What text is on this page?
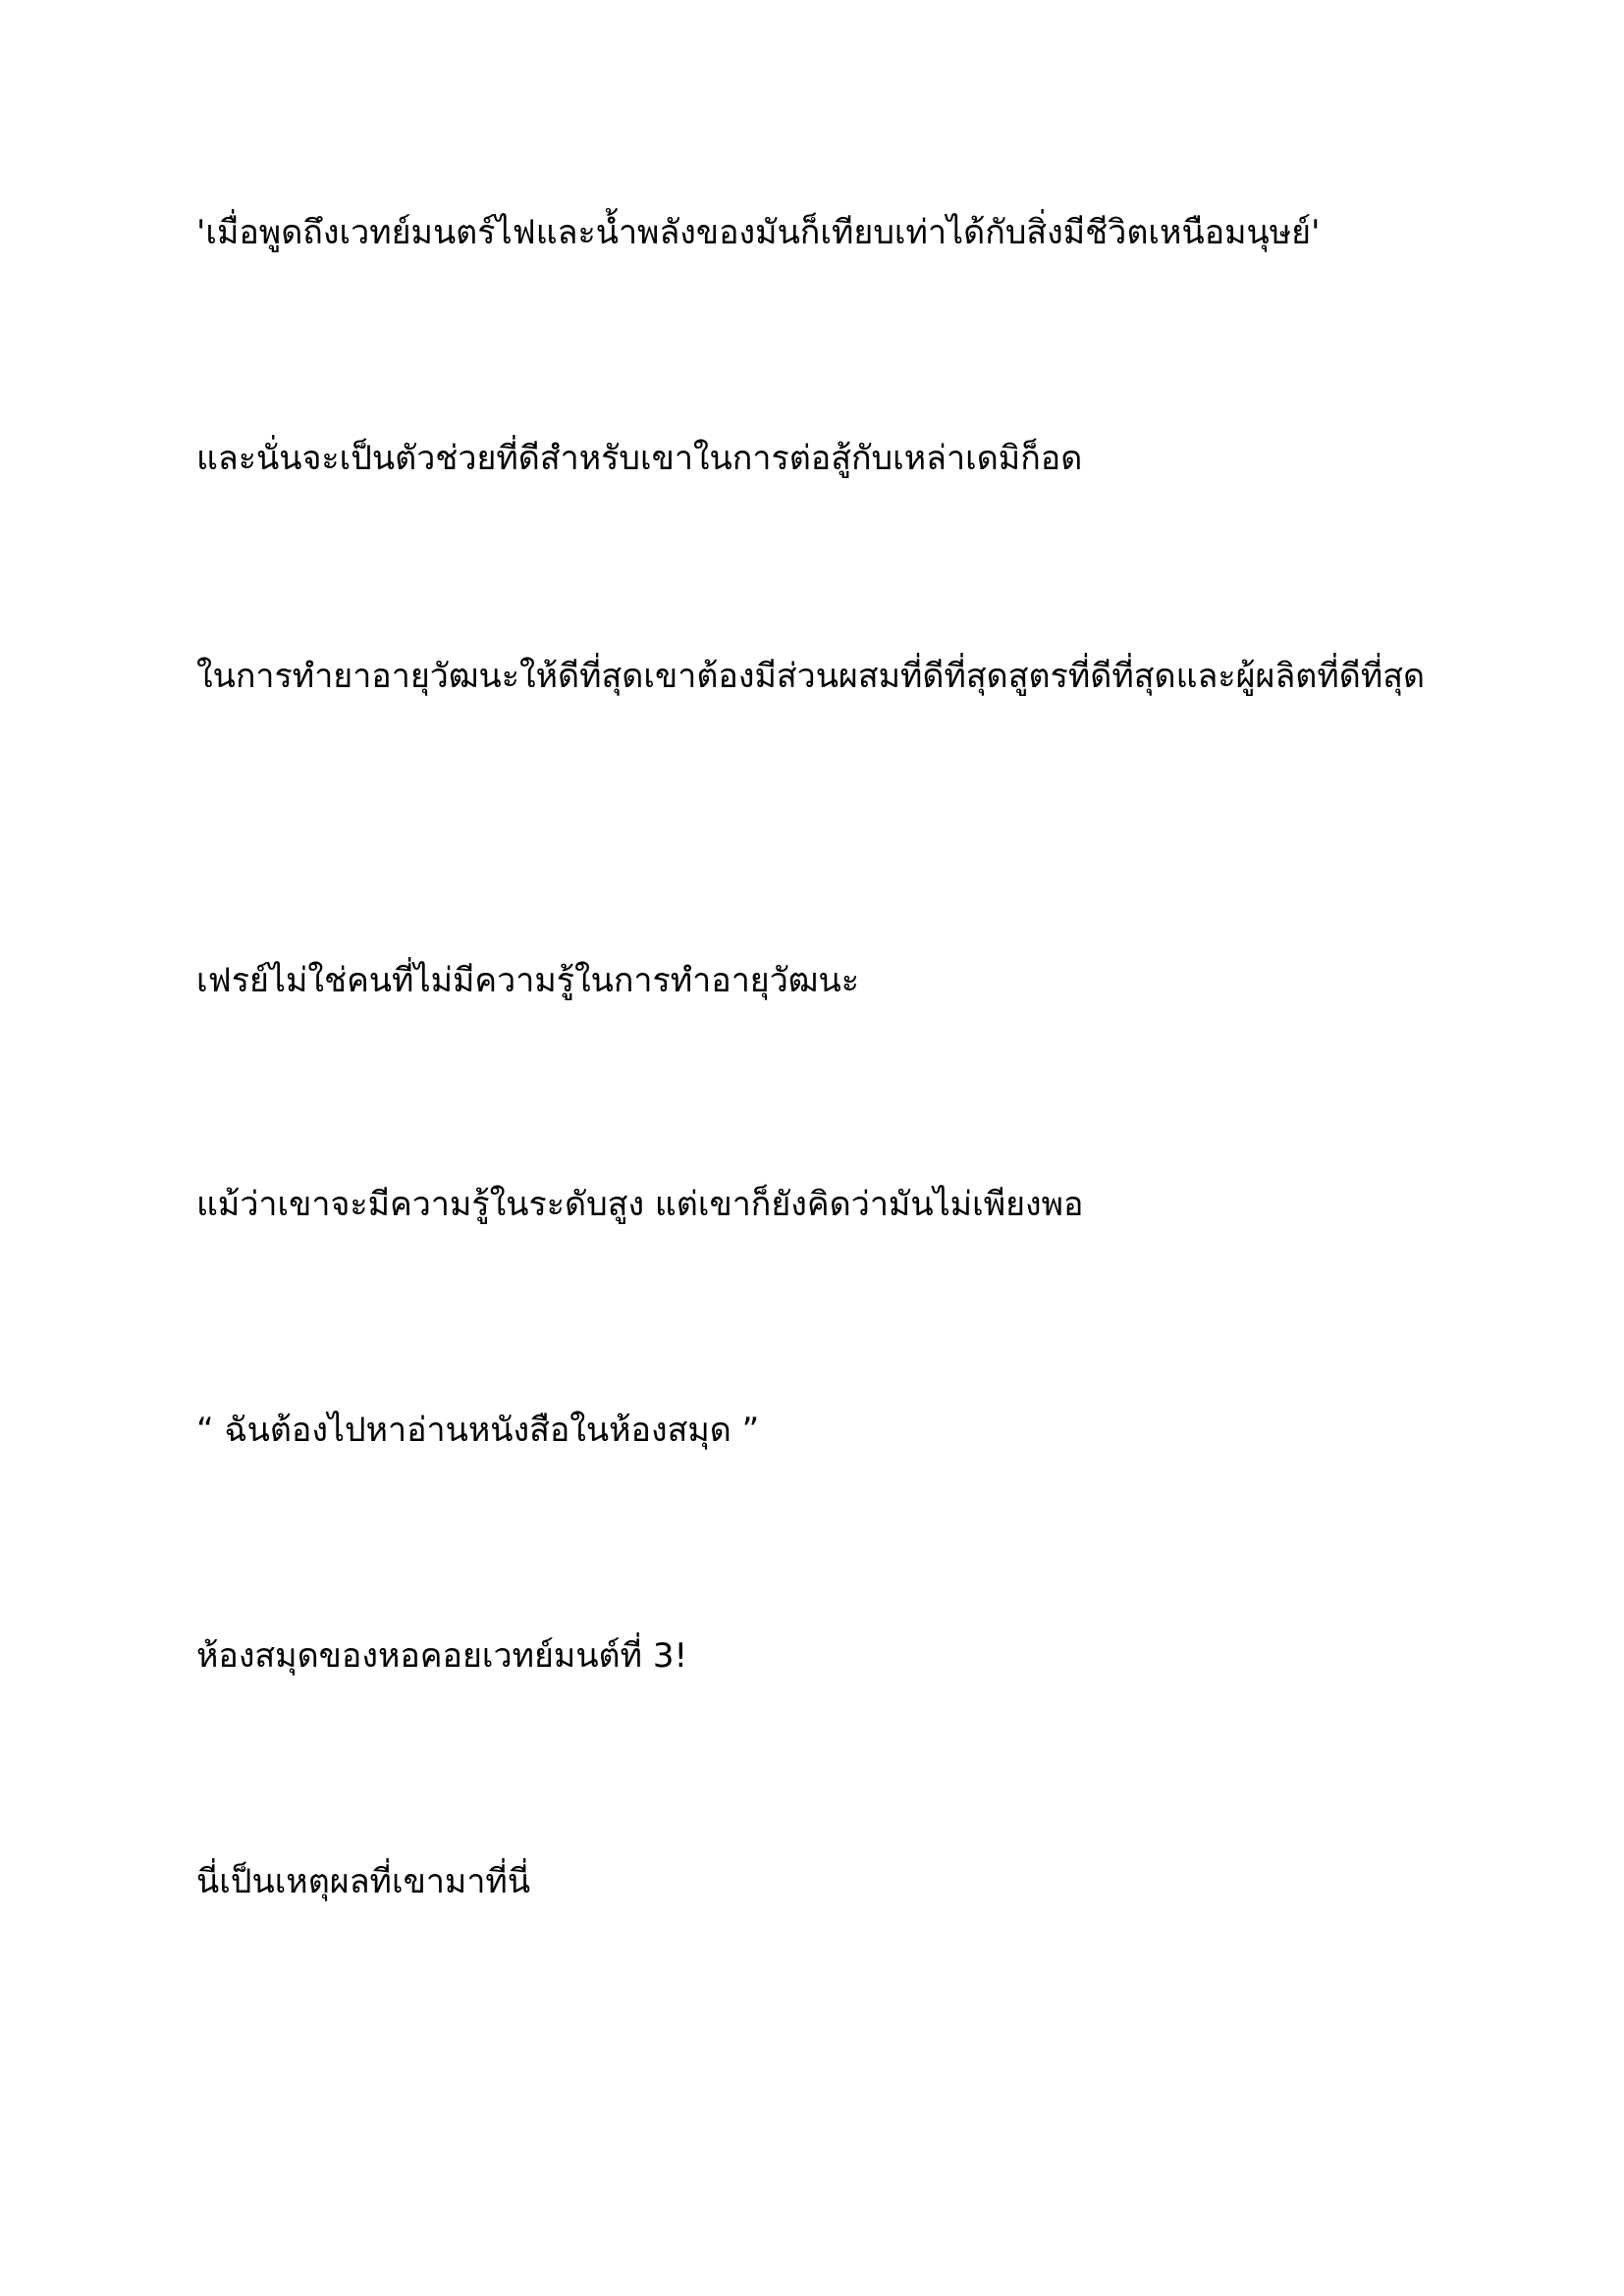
'เมื่อพูดถึงเวทย์มนตร์ไฟและน้ำพลังของมันก็เทียบเท่าได้กับสิ่งมีชีวิตเหนือมนุษย์'

และนั่นจะเป็นตัวช่วยที่ดีสำหรับเขาในการต่อสู้กับเหล่าเดมิก็อด

ในการทำยาอายุวัฒนะให้ดีที่สุดเขาต้องมีส่วนผสมที่ดีที่สุดสูตรที่ดีที่สุดและผู้ผลิตที่ดีที่สุด

เฟรย์ไม่ใช่คนที่ไม่มีความรู้ในการทำอายุวัฒนะ

แม้ว่าเขาจะมีความรู้ในระดับสูง แต่เขาก็ยังคิดว่ามันไม่เพียงพอ

“ ฉันต้องไปหาอ่านหนังสือในห้องสมุด ”

ห้องสมุดของหอคอยเวทย์มนต์ที่ 3!

นี่เป็นเหตุผลที่เขามาที่นี่
